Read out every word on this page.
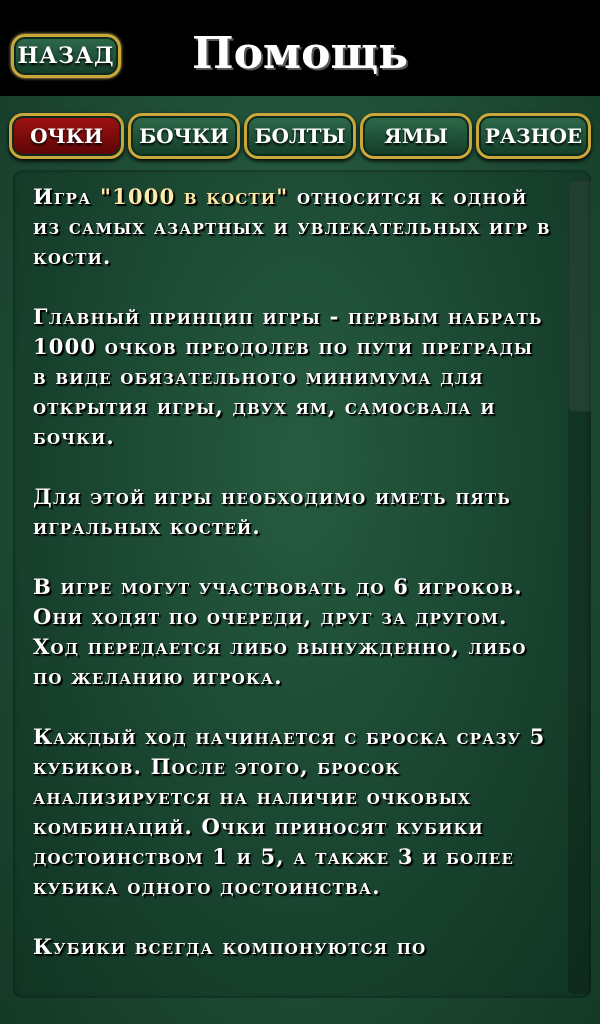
НАЗАД	Помощь
ОЧКИ	БОЧКИ	БОЛТЫ	ЯМЫ	РАЗНОЕ

Игра "1000 в кости" относится к одной из самых азартных и увлекательных игр в кости.

Главный принцип игры - первым набрать 1000 очков преодолев по пути преграды в виде обязательного минимума для открытия игры, двух ям, самосвала и бочки.

Для этой игры необходимо иметь пять игральных костей.

В игре могут участвовать до 6 игроков. Они ходят по очереди, друг за другом. Ход передается либо вынужденно, либо по желанию игрока.

Каждый ход начинается с броска сразу 5 кубиков. После этого, бросок анализируется на наличие очковых комбинаций. Очки приносят кубики достоинством 1 и 5, а также 3 и более кубика одного достоинства.

Кубики всегда компонуются по
